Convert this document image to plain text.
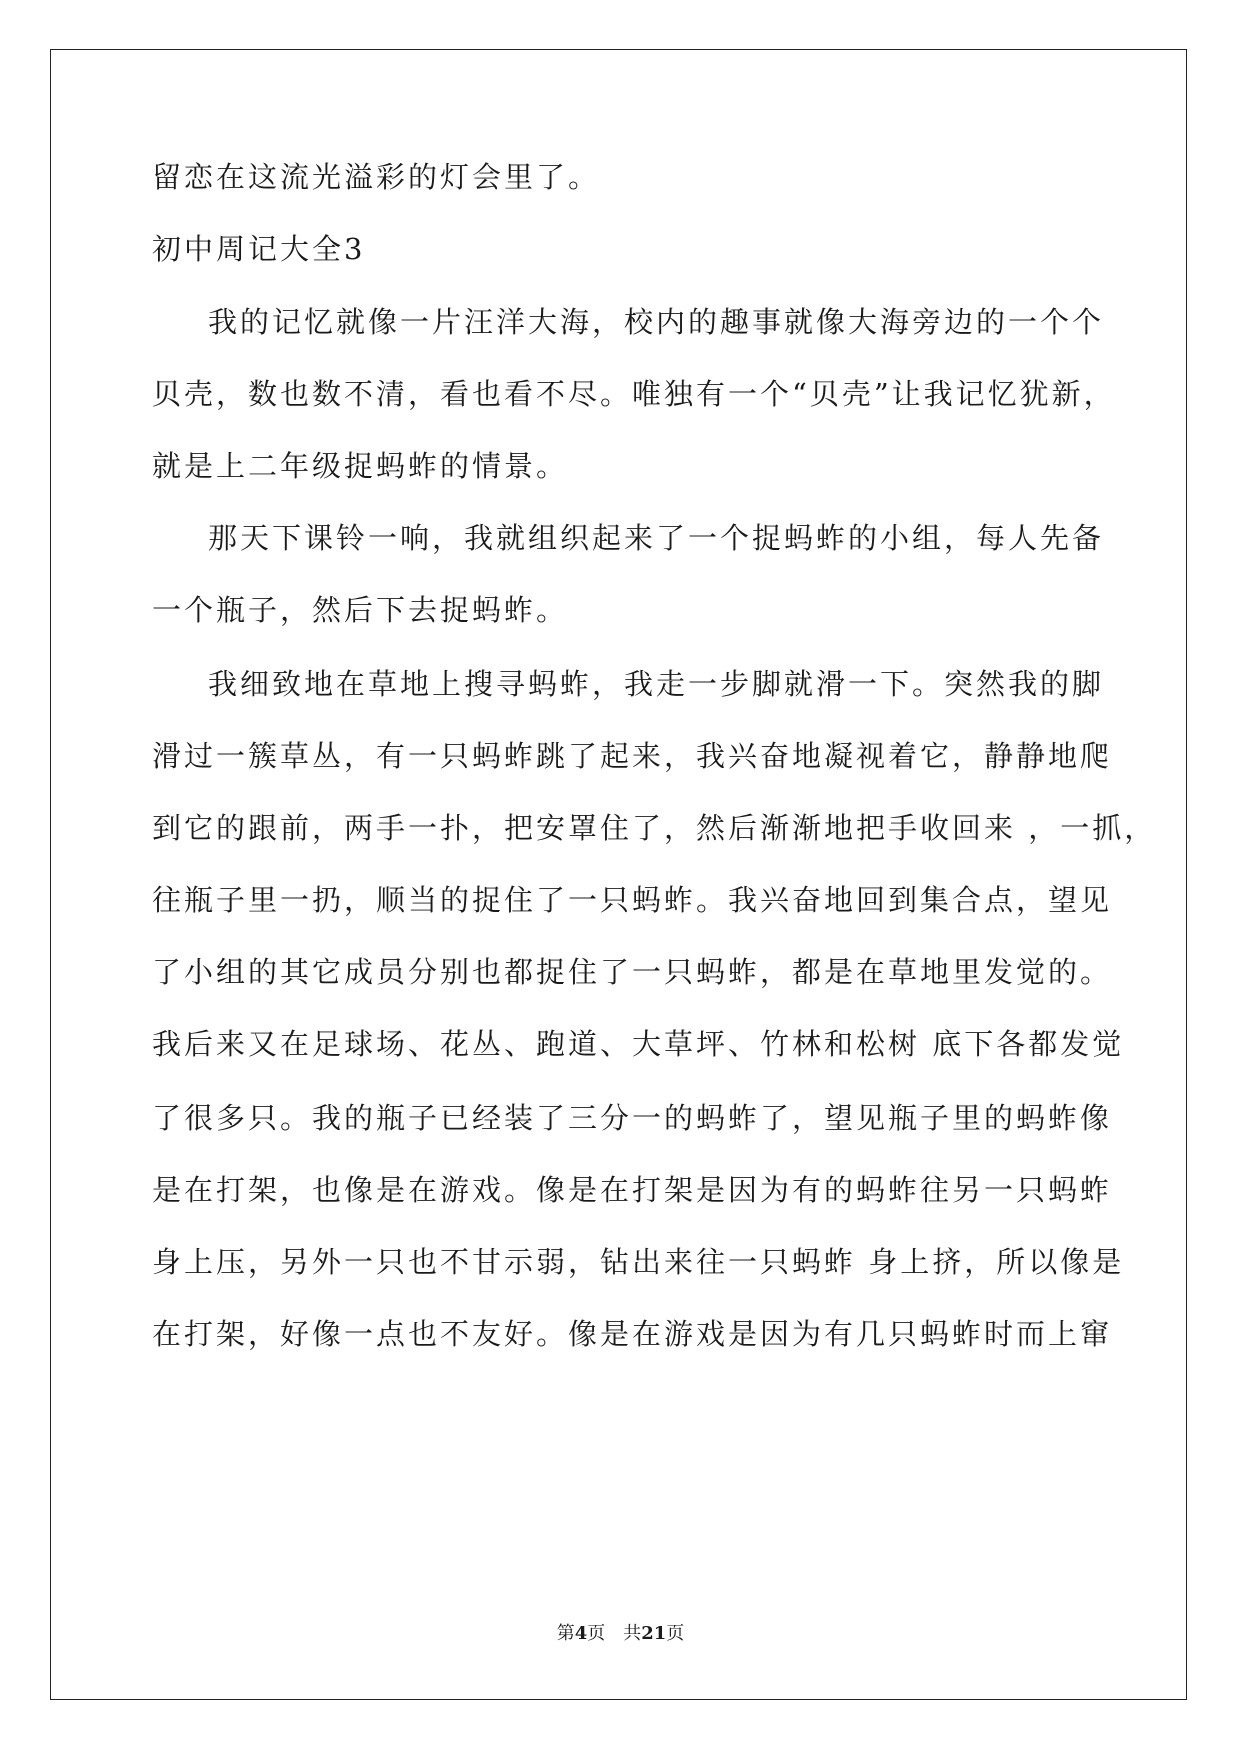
留恋在这流光溢彩的灯会里了。
初中周记大全3
我的记忆就像一片汪洋大海，校内的趣事就像大海旁边的一个个
贝壳，数也数不清，看也看不尽。唯独有一个“贝壳”让我记忆犹新，
就是上二年级捉蚂蚱的情景。
那天下课铃一响，我就组织起来了一个捉蚂蚱的小组，每人先备
一个瓶子，然后下去捉蚂蚱。
我细致地在草地上搜寻蚂蚱，我走一步脚就滑一下。突然我的脚
滑过一簇草丛，有一只蚂蚱跳了起来，我兴奋地凝视着它，静静地爬
到它的跟前，两手一扑，把安罩住了，然后渐渐地把手收回来 ，一抓，
往瓶子里一扔，顺当的捉住了一只蚂蚱。我兴奋地回到集合点，望见
了小组的其它成员分别也都捉住了一只蚂蚱，都是在草地里发觉的。
我后来又在足球场、花丛、跑道、大草坪、竹林和松树 底下各都发觉
了很多只。我的瓶子已经装了三分一的蚂蚱了，望见瓶子里的蚂蚱像
是在打架，也像是在游戏。像是在打架是因为有的蚂蚱往另一只蚂蚱
身上压，另外一只也不甘示弱，钻出来往一只蚂蚱 身上挤，所以像是
在打架，好像一点也不友好。像是在游戏是因为有几只蚂蚱时而上窜
第4页 共21页
